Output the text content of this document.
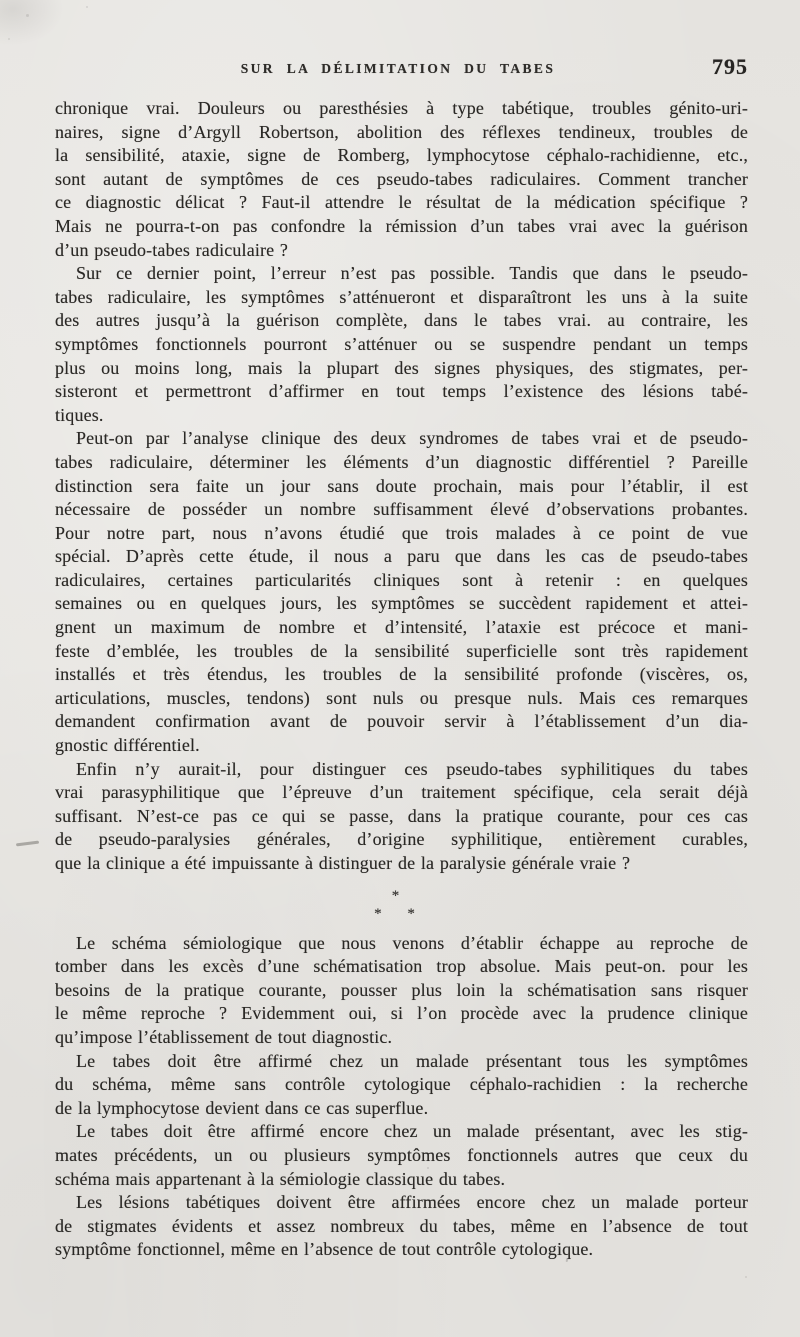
SUR LA DÉLIMITATION DU TABES	795

chronique vrai. Douleurs ou paresthésies à type tabétique, troubles génito-uri-
naires, signe d’Argyll Robertson, abolition des réflexes tendineux, troubles de
la sensibilité, ataxie, signe de Romberg, lymphocytose céphalo-rachidienne, etc.,
sont autant de symptômes de ces pseudo-tabes radiculaires. Comment trancher
ce diagnostic délicat ? Faut-il attendre le résultat de la médication spécifique ?
Mais ne pourra-t-on pas confondre la rémission d’un tabes vrai avec la guérison
d’un pseudo-tabes radiculaire ?

Sur ce dernier point, l’erreur n’est pas possible. Tandis que dans le pseudo-
tabes radiculaire, les symptômes s’atténueront et disparaîtront les uns à la suite
des autres jusqu’à la guérison complète, dans le tabes vrai. au contraire, les
symptômes fonctionnels pourront s’atténuer ou se suspendre pendant un temps
plus ou moins long, mais la plupart des signes physiques, des stigmates, per-
sisteront et permettront d’affirmer en tout temps l’existence des lésions tabé-
tiques.

Peut-on par l’analyse clinique des deux syndromes de tabes vrai et de pseudo-
tabes radiculaire, déterminer les éléments d’un diagnostic différentiel ? Pareille
distinction sera faite un jour sans doute prochain, mais pour l’établir, il est
nécessaire de posséder un nombre suffisamment élevé d’observations probantes.
Pour notre part, nous n’avons étudié que trois malades à ce point de vue
spécial. D’après cette étude, il nous a paru que dans les cas de pseudo-tabes
radiculaires, certaines particularités cliniques sont à retenir : en quelques
semaines ou en quelques jours, les symptômes se succèdent rapidement et attei-
gnent un maximum de nombre et d’intensité, l’ataxie est précoce et mani-
feste d’emblée, les troubles de la sensibilité superficielle sont très rapidement
installés et très étendus, les troubles de la sensibilité profonde (viscères, os,
articulations, muscles, tendons) sont nuls ou presque nuls. Mais ces remarques
demandent confirmation avant de pouvoir servir à l’établissement d’un dia-
gnostic différentiel.

Enfin n’y aurait-il, pour distinguer ces pseudo-tabes syphilitiques du tabes
vrai parasyphilitique que l’épreuve d’un traitement spécifique, cela serait déjà
suffisant. N’est-ce pas ce qui se passe, dans la pratique courante, pour ces cas
de pseudo-paralysies générales, d’origine syphilitique, entièrement curables,
que la clinique a été impuissante à distinguer de la paralysie générale vraie ?

*
* *

Le schéma sémiologique que nous venons d’établir échappe au reproche de
tomber dans les excès d’une schématisation trop absolue. Mais peut-on. pour les
besoins de la pratique courante, pousser plus loin la schématisation sans risquer
le même reproche ? Evidemment oui, si l’on procède avec la prudence clinique
qu’impose l’établissement de tout diagnostic.

Le tabes doit être affirmé chez un malade présentant tous les symptômes
du schéma, même sans contrôle cytologique céphalo-rachidien : la recherche
de la lymphocytose devient dans ce cas superflue.

Le tabes doit être affirmé encore chez un malade présentant, avec les stig-
mates précédents, un ou plusieurs symptômes fonctionnels autres que ceux du
schéma mais appartenant à la sémiologie classique du tabes.

Les lésions tabétiques doivent être affirmées encore chez un malade porteur
de stigmates évidents et assez nombreux du tabes, même en l’absence de tout
symptôme fonctionnel, même en l’absence de tout contrôle cytologique.
